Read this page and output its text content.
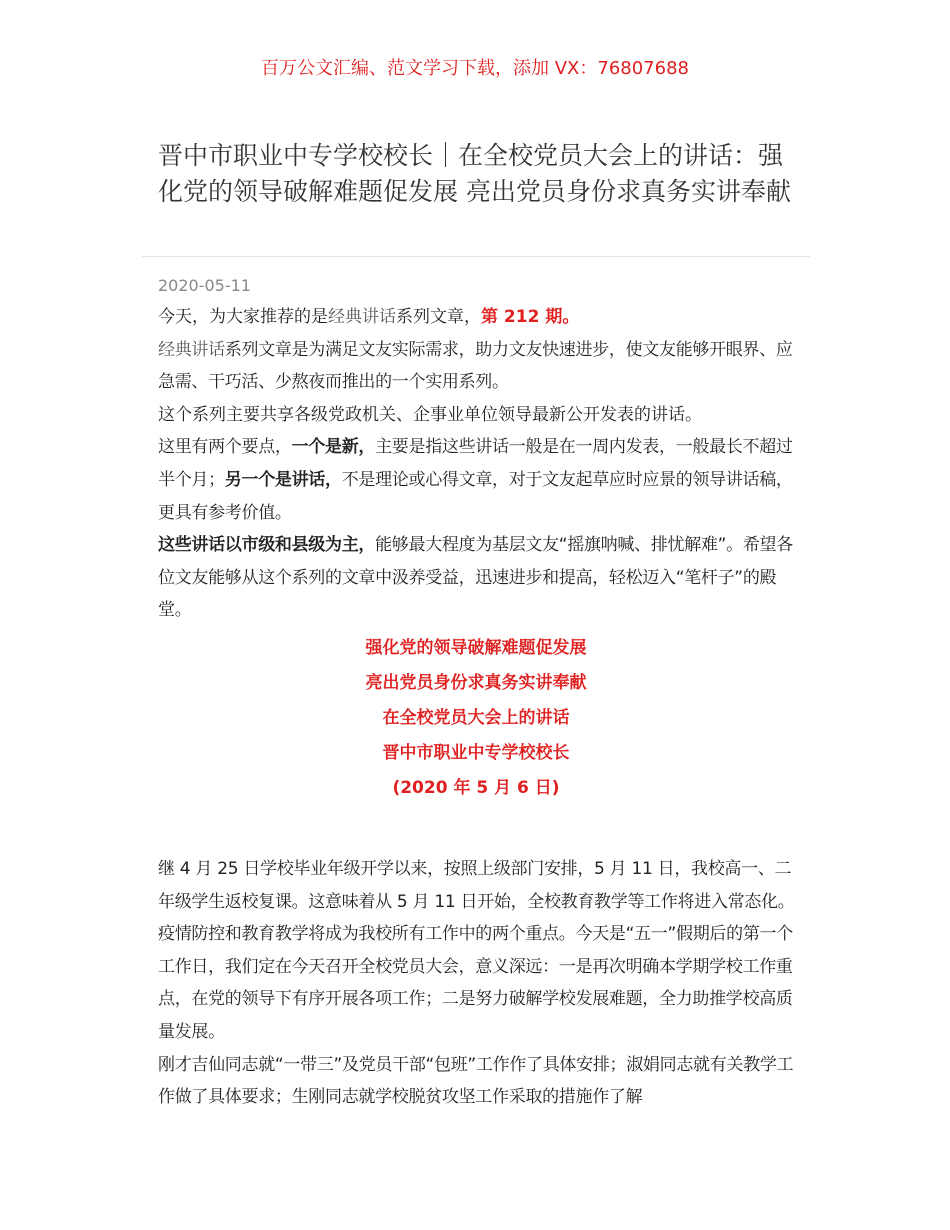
百万公文汇编、范文学习下载，添加 VX：76807688
晋中市职业中专学校校长｜在全校党员大会上的讲话：强化党的领导破解难题促发展 亮出党员身份求真务实讲奉献
2020-05-11

今天，为大家推荐的是经典讲话系列文章，第 212 期。

经典讲话系列文章是为满足文友实际需求，助力文友快速进步，使文友能够开眼界、应急需、干巧活、少熬夜而推出的一个实用系列。

这个系列主要共享各级党政机关、企事业单位领导最新公开发表的讲话。

这里有两个要点，一个是新，主要是指这些讲话一般是在一周内发表，一般最长不超过半个月；另一个是讲话，不是理论或心得文章，对于文友起草应时应景的领导讲话稿，更具有参考价值。

这些讲话以市级和县级为主，能够最大程度为基层文友“摇旗呐喊、排忧解难”。希望各位文友能够从这个系列的文章中汲养受益，迅速进步和提高，轻松迈入“笔杆子”的殿堂。

强化党的领导破解难题促发展

亮出党员身份求真务实讲奉献

在全校党员大会上的讲话

晋中市职业中专学校校长

(2020 年 5 月 6 日)

继 4 月 25 日学校毕业年级开学以来，按照上级部门安排，5 月 11 日，我校高一、二年级学生返校复课。这意味着从 5 月 11 日开始，全校教育教学等工作将进入常态化。疫情防控和教育教学将成为我校所有工作中的两个重点。今天是“五一”假期后的第一个工作日，我们定在今天召开全校党员大会，意义深远：一是再次明确本学期学校工作重点，在党的领导下有序开展各项工作；二是努力破解学校发展难题，全力助推学校高质量发展。

刚才吉仙同志就“一带三”及党员干部“包班”工作作了具体安排；淑娟同志就有关教学工作做了具体要求；生刚同志就学校脱贫攻坚工作采取的措施作了解
